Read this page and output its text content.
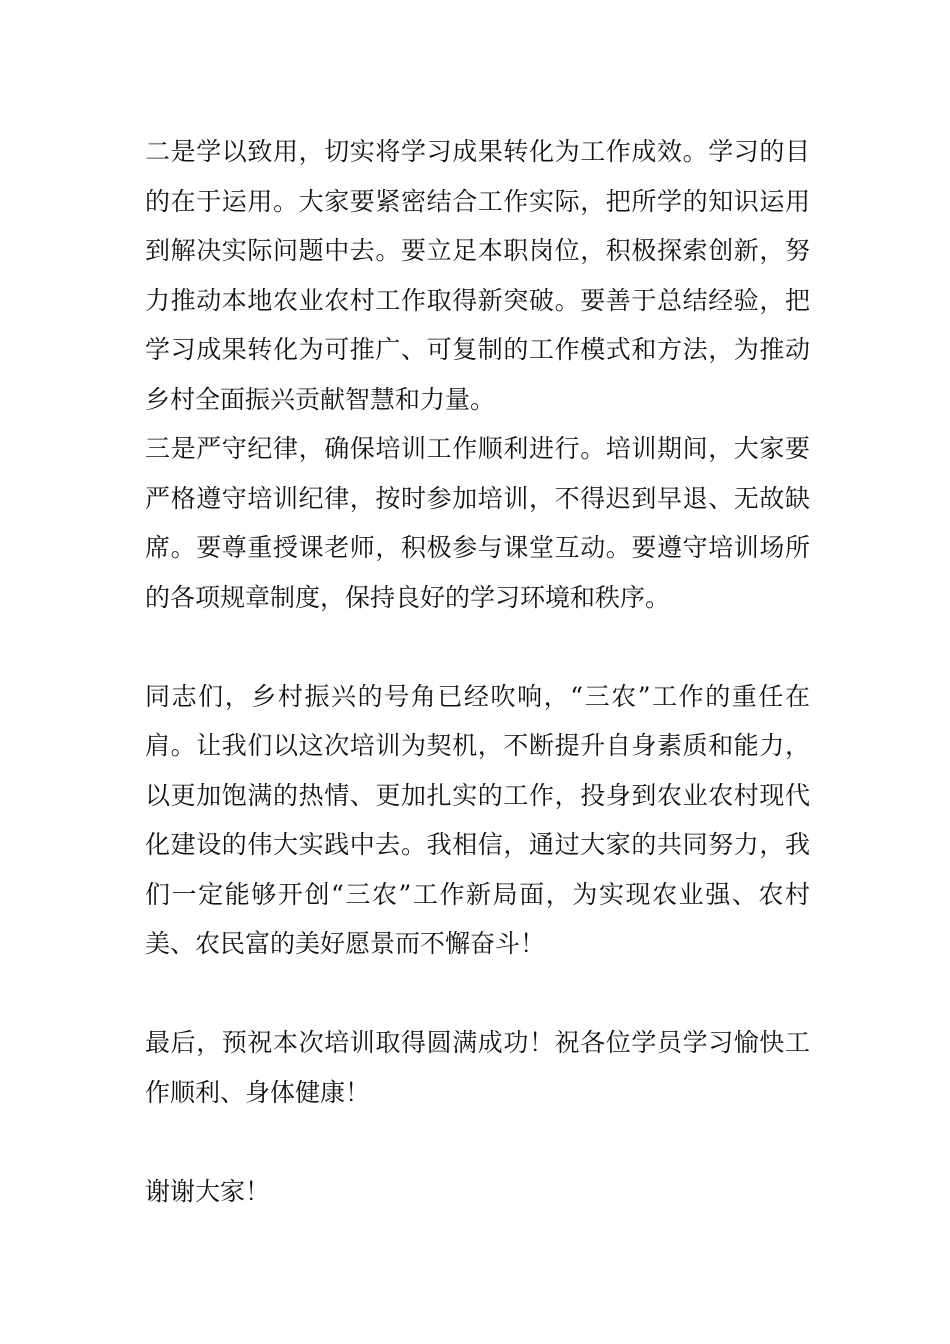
二是学以致用，切实将学习成果转化为工作成效。学习的目的在于运用。大家要紧密结合工作实际，把所学的知识运用到解决实际问题中去。要立足本职岗位，积极探索创新，努力推动本地农业农村工作取得新突破。要善于总结经验，把学习成果转化为可推广、可复制的工作模式和方法，为推动乡村全面振兴贡献智慧和力量。

三是严守纪律，确保培训工作顺利进行。培训期间，大家要严格遵守培训纪律，按时参加培训，不得迟到早退、无故缺席。要尊重授课老师，积极参与课堂互动。要遵守培训场所的各项规章制度，保持良好的学习环境和秩序。

同志们，乡村振兴的号角已经吹响，“三农”工作的重任在肩。让我们以这次培训为契机，不断提升自身素质和能力，以更加饱满的热情、更加扎实的工作，投身到农业农村现代化建设的伟大实践中去。我相信，通过大家的共同努力，我们一定能够开创“三农”工作新局面，为实现农业强、农村美、农民富的美好愿景而不懈奋斗！

最后，预祝本次培训取得圆满成功！祝各位学员学习愉快工作顺利、身体健康！

谢谢大家！
